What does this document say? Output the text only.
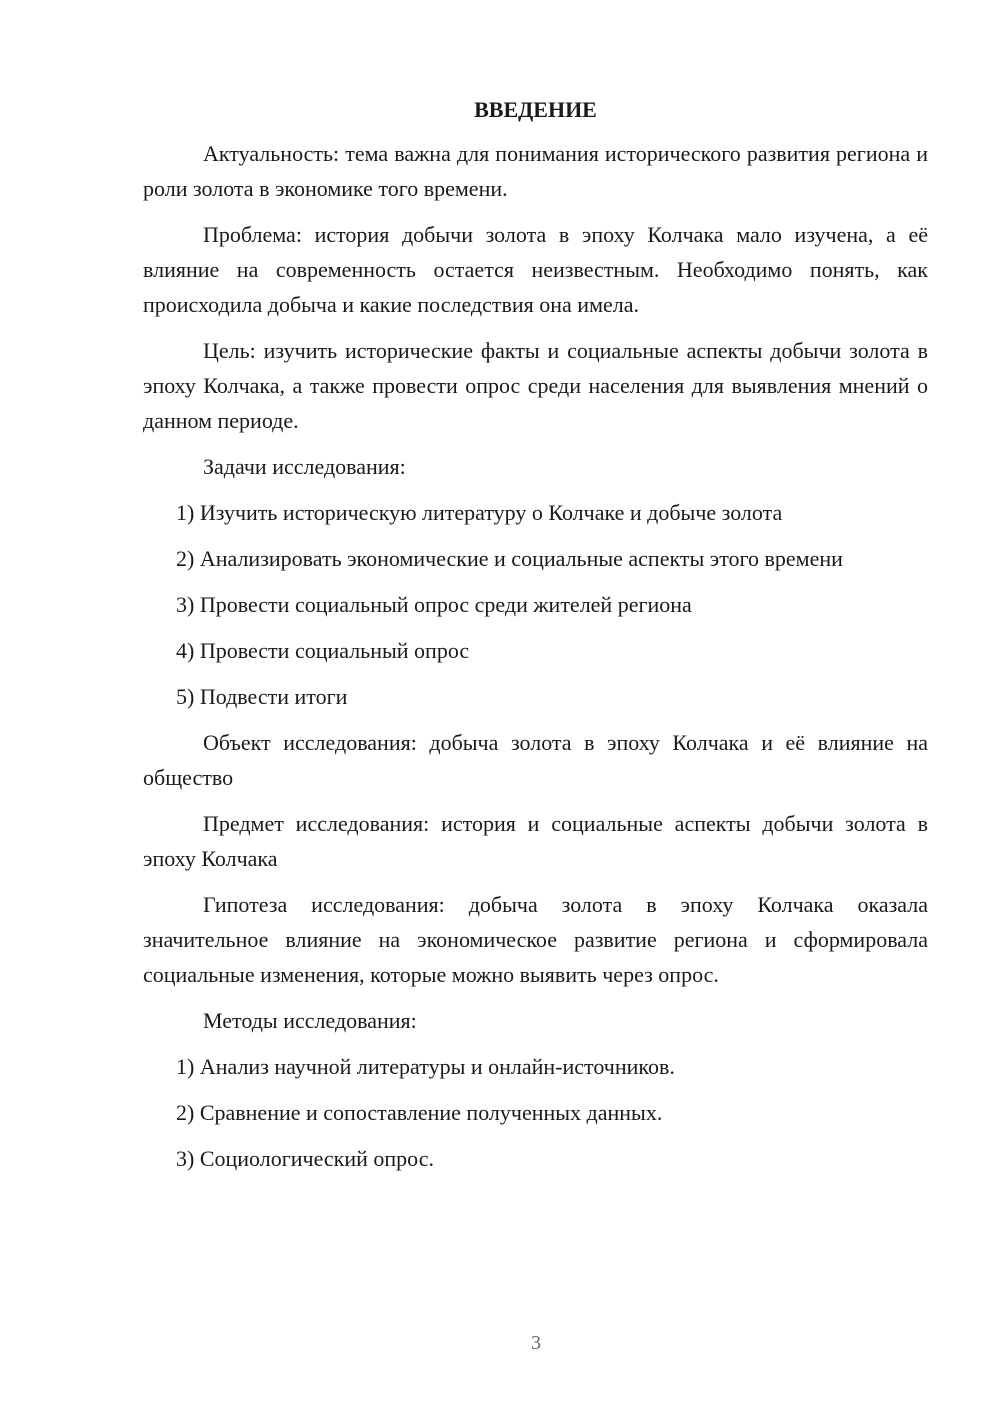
ВВЕДЕНИЕ

Актуальность: тема важна для понимания исторического развития региона и роли золота в экономике того времени.

Проблема: история добычи золота в эпоху Колчака мало изучена, а её влияние на современность остается неизвестным. Необходимо понять, как происходила добыча и какие последствия она имела.

Цель: изучить исторические факты и социальные аспекты добычи золота в эпоху Колчака, а также провести опрос среди населения для выявления мнений о данном периоде.

Задачи исследования:

1) Изучить историческую литературу о Колчаке и добыче золота

2) Анализировать экономические и социальные аспекты этого времени

3) Провести социальный опрос среди жителей региона

4) Провести социальный опрос

5) Подвести итоги

Объект исследования: добыча золота в эпоху Колчака и её влияние на общество

Предмет исследования: история и социальные аспекты добычи золота в эпоху Колчака

Гипотеза исследования: добыча золота в эпоху Колчака оказала значительное влияние на экономическое развитие региона и сформировала социальные изменения, которые можно выявить через опрос.

Методы исследования:

1) Анализ научной литературы и онлайн-источников.

2) Сравнение и сопоставление полученных данных.

3) Социологический опрос.

3
